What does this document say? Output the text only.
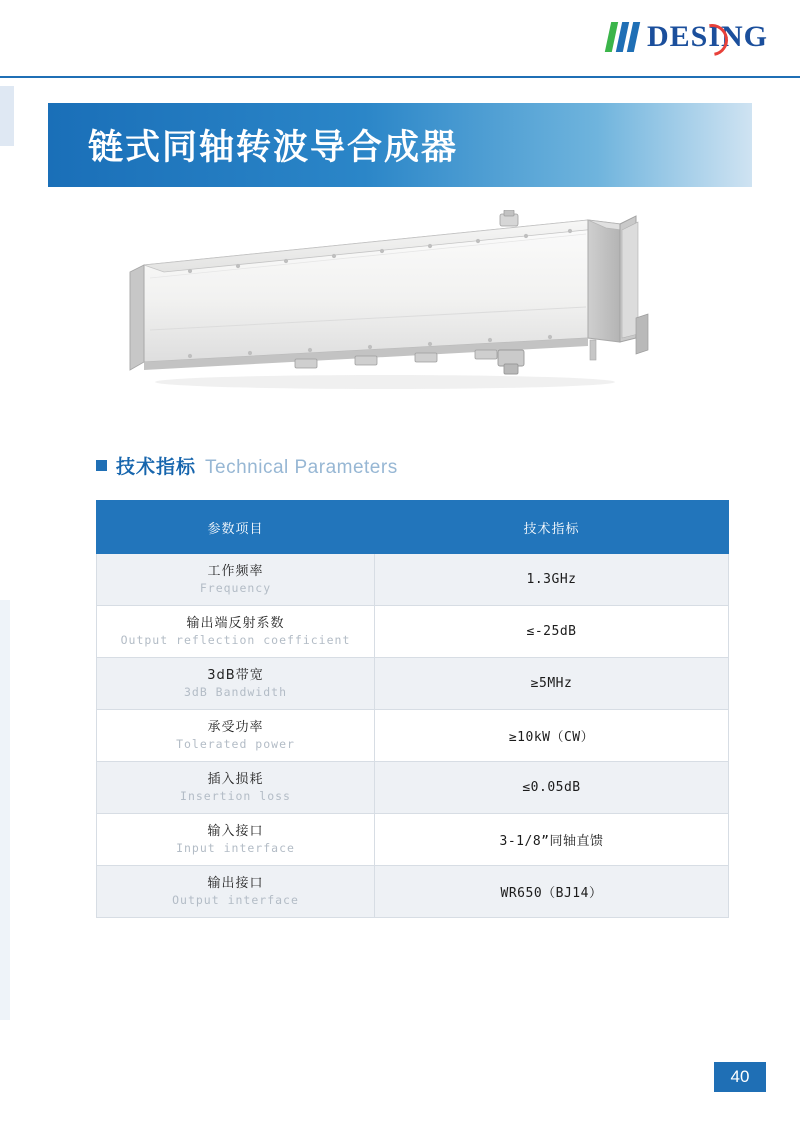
DESING
链式同轴转波导合成器
技术指标 Technical Parameters
参数项目	技术指标

工作频率
Frequency	1.3GHz

输出端反射系数
Output reflection coefficient	≤-25dB

3dB带宽
3dB Bandwidth	≥5MHz

承受功率
Tolerated power	≥10kW（CW）

插入损耗
Insertion loss	≤0.05dB

输入接口
Input interface	3-1/8”同轴直馈

输出接口
Output interface	WR650（BJ14）
40
